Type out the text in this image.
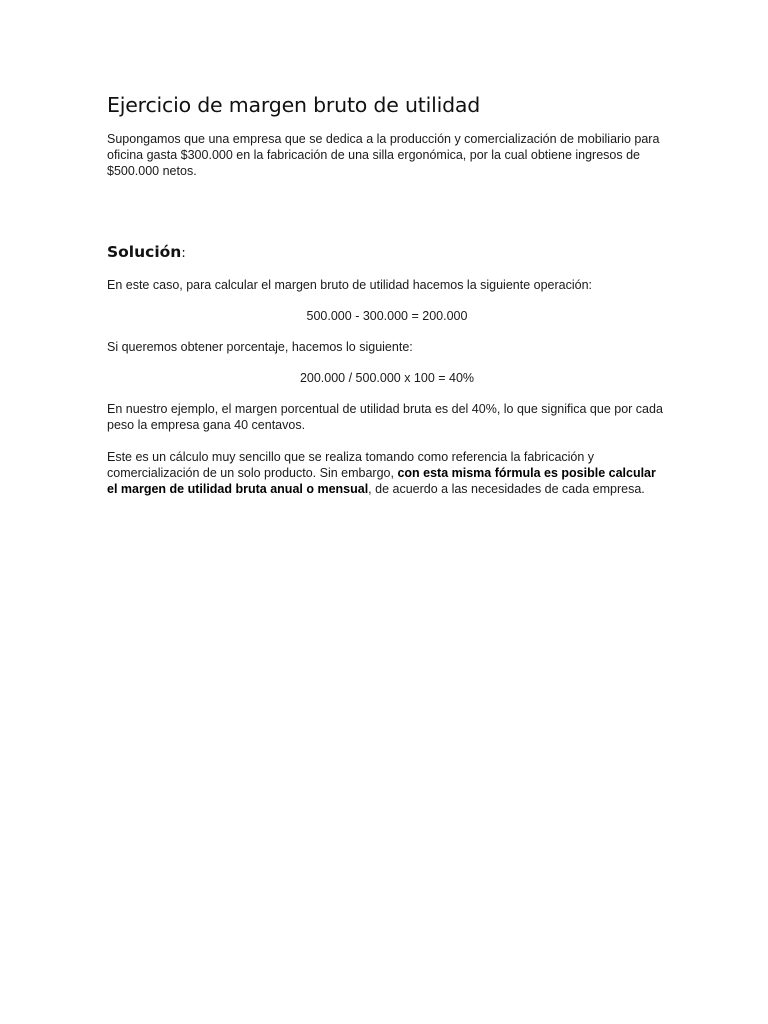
Ejercicio de margen bruto de utilidad

Supongamos que una empresa que se dedica a la producción y comercialización de mobiliario para oficina gasta $300.000 en la fabricación de una silla ergonómica, por la cual obtiene ingresos de $500.000 netos.

Solución:

En este caso, para calcular el margen bruto de utilidad hacemos la siguiente operación:

500.000 - 300.000 = 200.000

Si queremos obtener porcentaje, hacemos lo siguiente:

200.000 / 500.000 x 100 = 40%

En nuestro ejemplo, el margen porcentual de utilidad bruta es del 40%, lo que significa que por cada peso la empresa gana 40 centavos.

Este es un cálculo muy sencillo que se realiza tomando como referencia la fabricación y comercialización de un solo producto. Sin embargo, con esta misma fórmula es posible calcular el margen de utilidad bruta anual o mensual, de acuerdo a las necesidades de cada empresa.
